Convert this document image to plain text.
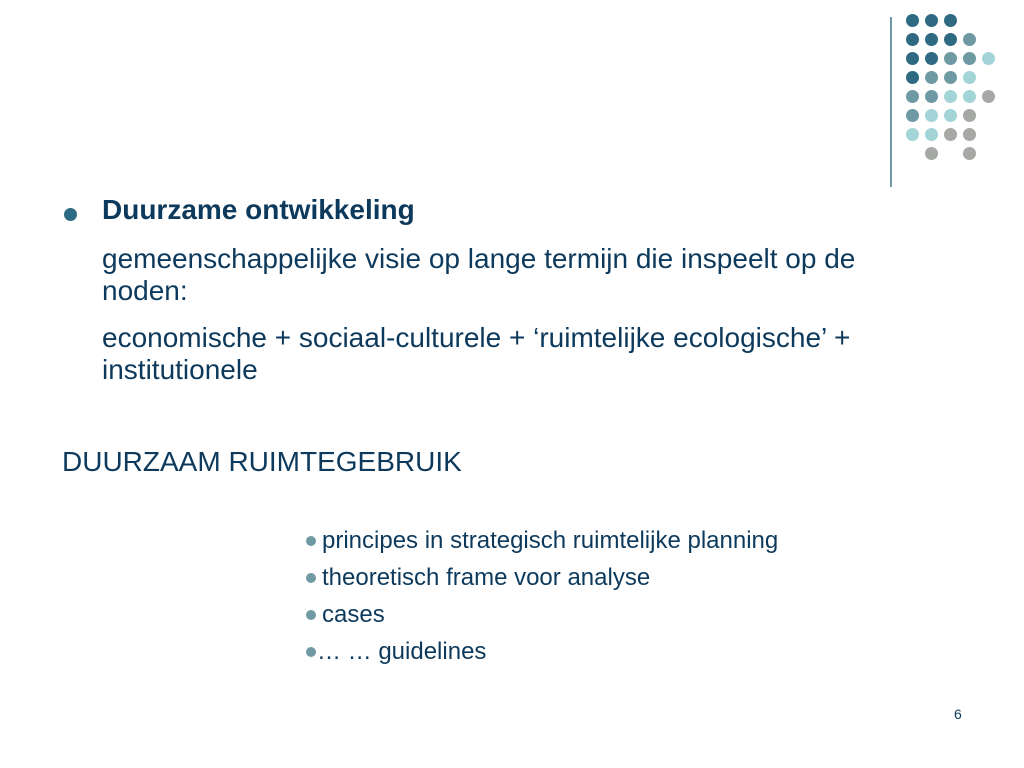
Duurzame ontwikkeling
gemeenschappelijke visie op lange termijn die inspeelt op de noden:
economische + sociaal-culturele + ‘ruimtelijke ecologische’ + institutionele
DUURZAAM RUIMTEGEBRUIK
principes in strategisch ruimtelijke planning
theoretisch frame voor analyse
cases
… … guidelines
6
